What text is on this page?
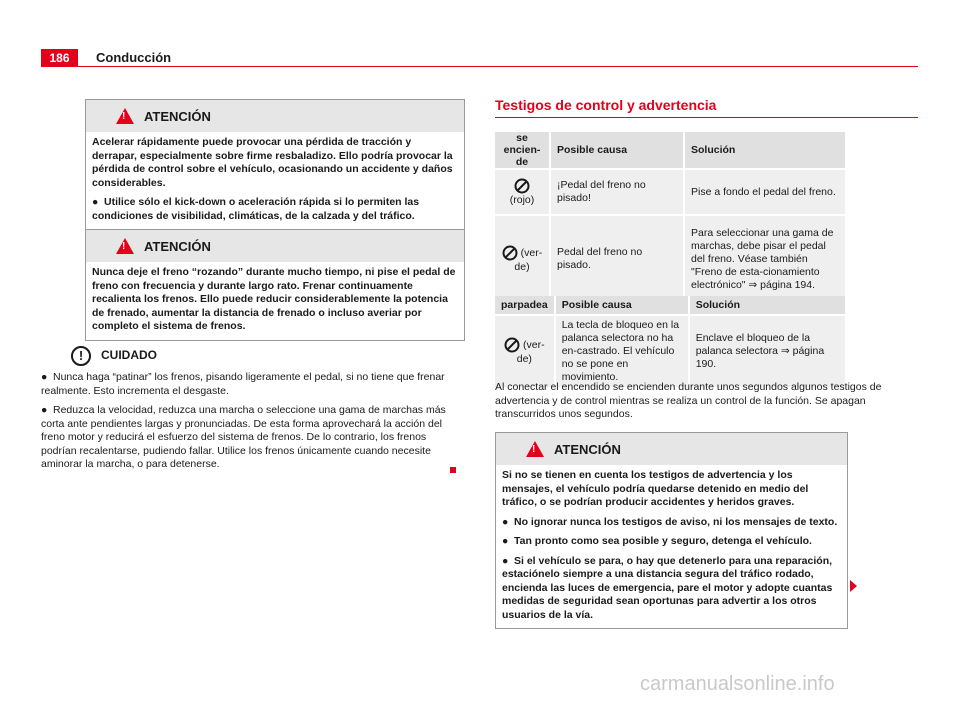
186	Conducción
! ATENCIÓN

Acelerar rápidamente puede provocar una pérdida de tracción y derrapar, especialmente sobre firme resbaladizo. Ello podría provocar la pérdida de control sobre el vehículo, ocasionando un accidente y daños considerables.

● Utilice sólo el kick-down o aceleración rápida si lo permiten las condiciones de visibilidad, climáticas, de la calzada y del tráfico.

! ATENCIÓN

Nunca deje el freno “rozando” durante mucho tiempo, ni pise el pedal de freno con frecuencia y durante largo rato. Frenar continuamente recalienta los frenos. Ello puede reducir considerablemente la potencia de frenado, aumentar la distancia de frenado o incluso averiar por completo el sistema de frenos.

!	CUIDADO

● Nunca haga “patinar” los frenos, pisando ligeramente el pedal, si no tiene que frenar realmente. Esto incrementa el desgaste.

● Reduzca la velocidad, reduzca una marcha o seleccione una gama de marchas más corta ante pendientes largas y pronunciadas. De esta forma aprovechará la acción del freno motor y reducirá el esfuerzo del sistema de frenos. De lo contrario, los frenos podrían recalentarse, pudiendo fallar. Utilice los frenos únicamente cuando necesite aminorar la marcha, o para detenerse.

Testigos de control y advertencia
se encien-de	Posible causa	Solución

(rojo)	¡Pedal del freno no pisado!	Pise a fondo el pedal del freno.
(ver-de)	Pedal del freno no pisado.	Para seleccionar una gama de marchas, debe pisar el pedal del freno. Véase también "Freno de esta-cionamiento electrónico" ⇒ página 194.
parpadea	Posible causa	Solución
(ver-de)	La tecla de bloqueo en la palanca selectora no ha en-castrado. El vehículo no se pone en movimiento.	Enclave el bloqueo de la palanca selectora ⇒ página 190.
Al conectar el encendido se encienden durante unos segundos algunos testigos de advertencia y de control mientras se realiza un control de la función. Se apagan transcurridos unos segundos.
! ATENCIÓN

Si no se tienen en cuenta los testigos de advertencia y los mensajes, el vehículo podría quedarse detenido en medio del tráfico, o se podrían producir accidentes y heridos graves.

● No ignorar nunca los testigos de aviso, ni los mensajes de texto.

● Tan pronto como sea posible y seguro, detenga el vehículo.

● Si el vehículo se para, o hay que detenerlo para una reparación, estaciónelo siempre a una distancia segura del tráfico rodado, encienda las luces de emergencia, pare el motor y adopte cuantas medidas de seguridad sean oportunas para advertir a los otros usuarios de la vía.

carmanualsonline.info
